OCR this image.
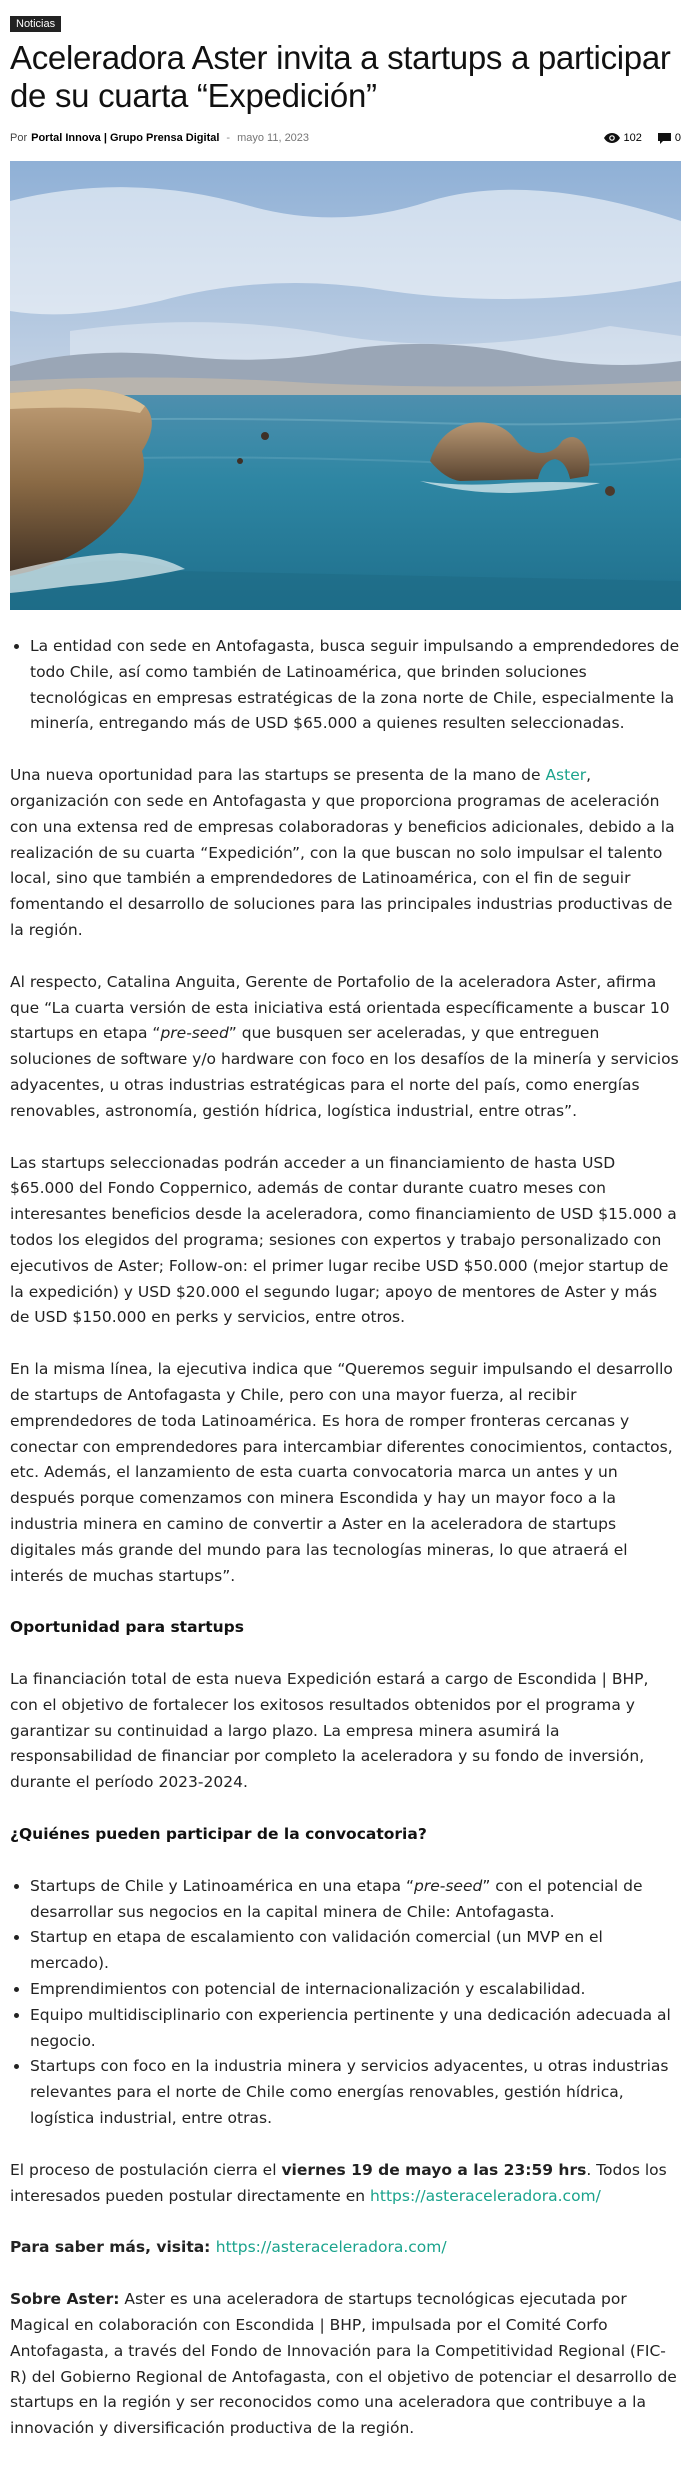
Noticias
Aceleradora Aster invita a startups a participar de su cuarta “Expedición”
Por Portal Innova | Grupo Prensa Digital - mayo 11, 2023	102	0
• La entidad con sede en Antofagasta, busca seguir impulsando a emprendedores de todo Chile, así como también de Latinoamérica, que brinden soluciones tecnológicas en empresas estratégicas de la zona norte de Chile, especialmente la minería, entregando más de USD $65.000 a quienes resulten seleccionadas.

Una nueva oportunidad para las startups se presenta de la mano de Aster, organización con sede en Antofagasta y que proporciona programas de aceleración con una extensa red de empresas colaboradoras y beneficios adicionales, debido a la realización de su cuarta “Expedición”, con la que buscan no solo impulsar el talento local, sino que también a emprendedores de Latinoamérica, con el fin de seguir fomentando el desarrollo de soluciones para las principales industrias productivas de la región.

Al respecto, Catalina Anguita, Gerente de Portafolio de la aceleradora Aster, afirma que “La cuarta versión de esta iniciativa está orientada específicamente a buscar 10 startups en etapa “pre-seed” que busquen ser aceleradas, y que entreguen soluciones de software y/o hardware con foco en los desafíos de la minería y servicios adyacentes, u otras industrias estratégicas para el norte del país, como energías renovables, astronomía, gestión hídrica, logística industrial, entre otras”.

Las startups seleccionadas podrán acceder a un financiamiento de hasta USD $65.000 del Fondo Coppernico, además de contar durante cuatro meses con interesantes beneficios desde la aceleradora, como financiamiento de USD $15.000 a todos los elegidos del programa; sesiones con expertos y trabajo personalizado con ejecutivos de Aster; Follow-on: el primer lugar recibe USD $50.000 (mejor startup de la expedición) y USD $20.000 el segundo lugar; apoyo de mentores de Aster y más de USD $150.000 en perks y servicios, entre otros.

En la misma línea, la ejecutiva indica que “Queremos seguir impulsando el desarrollo de startups de Antofagasta y Chile, pero con una mayor fuerza, al recibir emprendedores de toda Latinoamérica. Es hora de romper fronteras cercanas y conectar con emprendedores para intercambiar diferentes conocimientos, contactos, etc. Además, el lanzamiento de esta cuarta convocatoria marca un antes y un después porque comenzamos con minera Escondida y hay un mayor foco a la industria minera en camino de convertir a Aster en la aceleradora de startups digitales más grande del mundo para las tecnologías mineras, lo que atraerá el interés de muchas startups”.

Oportunidad para startups

La financiación total de esta nueva Expedición estará a cargo de Escondida | BHP, con el objetivo de fortalecer los exitosos resultados obtenidos por el programa y garantizar su continuidad a largo plazo. La empresa minera asumirá la responsabilidad de financiar por completo la aceleradora y su fondo de inversión, durante el período 2023-2024.

¿Quiénes pueden participar de la convocatoria?
• Startups de Chile y Latinoamérica en una etapa “pre-seed” con el potencial de desarrollar sus negocios en la capital minera de Chile: Antofagasta.
• Startup en etapa de escalamiento con validación comercial (un MVP en el mercado).
• Emprendimientos con potencial de internacionalización y escalabilidad.
• Equipo multidisciplinario con experiencia pertinente y una dedicación adecuada al negocio.
• Startups con foco en la industria minera y servicios adyacentes, u otras industrias relevantes para el norte de Chile como energías renovables, gestión hídrica, logística industrial, entre otras.

El proceso de postulación cierra el viernes 19 de mayo a las 23:59 hrs. Todos los interesados pueden postular directamente en https://asteraceleradora.com/

Para saber más, visita: https://asteraceleradora.com/

Sobre Aster: Aster es una aceleradora de startups tecnológicas ejecutada por Magical en colaboración con Escondida | BHP, impulsada por el Comité Corfo Antofagasta, a través del Fondo de Innovación para la Competitividad Regional (FIC-R) del Gobierno Regional de Antofagasta, con el objetivo de potenciar el desarrollo de startups en la región y ser reconocidos como una aceleradora que contribuye a la innovación y diversificación productiva de la región.
